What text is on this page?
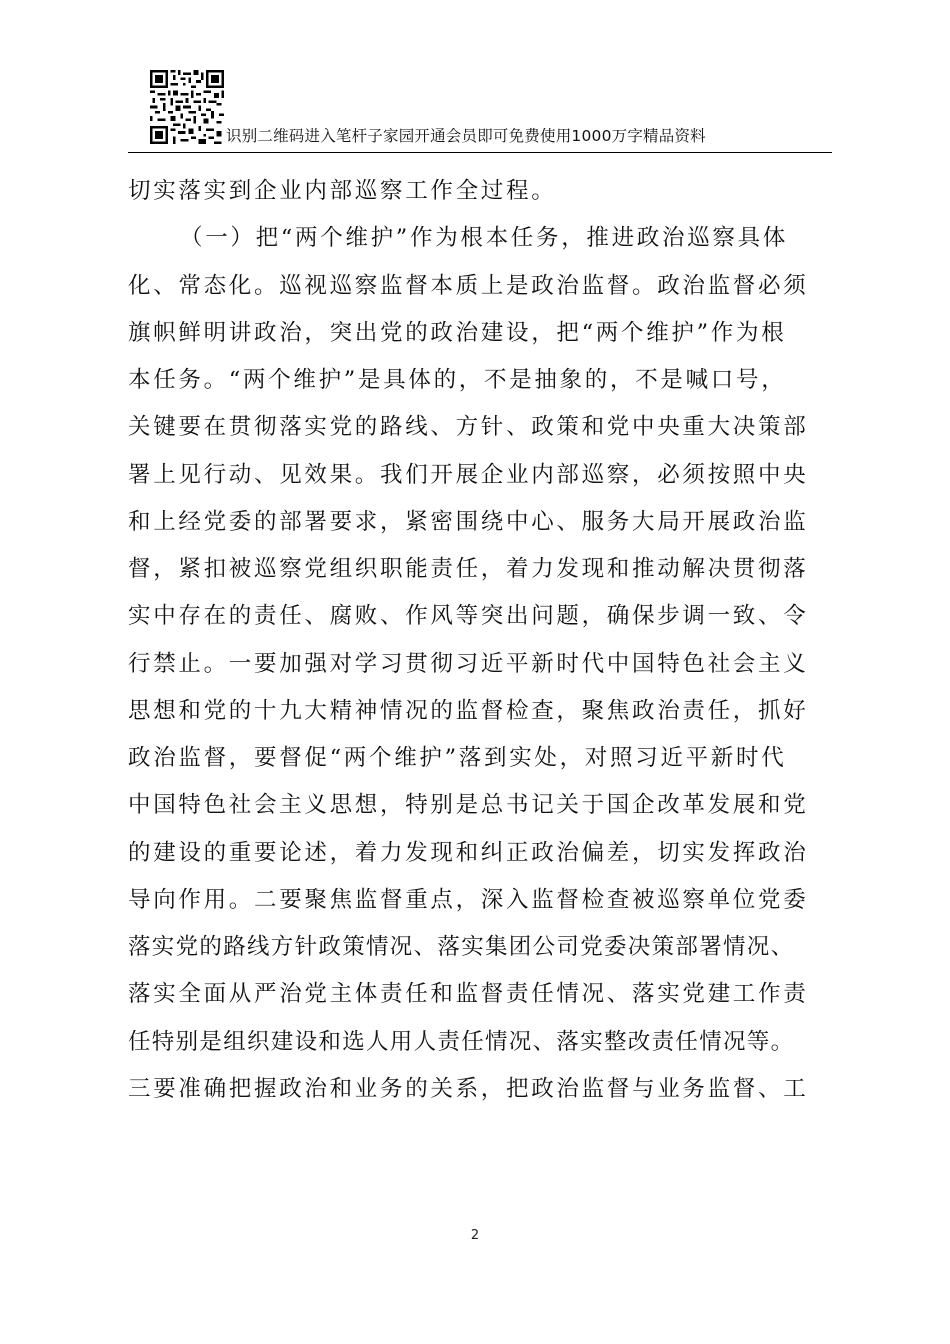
识别二维码进入笔杆子家园开通会员即可免费使用1000万字精品资料
切实落实到企业内部巡察工作全过程。
（一）把“两个维护”作为根本任务，推进政治巡察具体
化、常态化。巡视巡察监督本质上是政治监督。政治监督必须
旗帜鲜明讲政治，突出党的政治建设，把“两个维护”作为根
本任务。“两个维护”是具体的，不是抽象的，不是喊口号，
关键要在贯彻落实党的路线、方针、政策和党中央重大决策部
署上见行动、见效果。我们开展企业内部巡察，必须按照中央
和上经党委的部署要求，紧密围绕中心、服务大局开展政治监
督，紧扣被巡察党组织职能责任，着力发现和推动解决贯彻落
实中存在的责任、腐败、作风等突出问题，确保步调一致、令
行禁止。一要加强对学习贯彻习近平新时代中国特色社会主义
思想和党的十九大精神情况的监督检查，聚焦政治责任，抓好
政治监督，要督促“两个维护”落到实处，对照习近平新时代
中国特色社会主义思想，特别是总书记关于国企改革发展和党
的建设的重要论述，着力发现和纠正政治偏差，切实发挥政治
导向作用。二要聚焦监督重点，深入监督检查被巡察单位党委
落实党的路线方针政策情况、落实集团公司党委决策部署情况、
落实全面从严治党主体责任和监督责任情况、落实党建工作责
任特别是组织建设和选人用人责任情况、落实整改责任情况等。
三要准确把握政治和业务的关系，把政治监督与业务监督、工
2
